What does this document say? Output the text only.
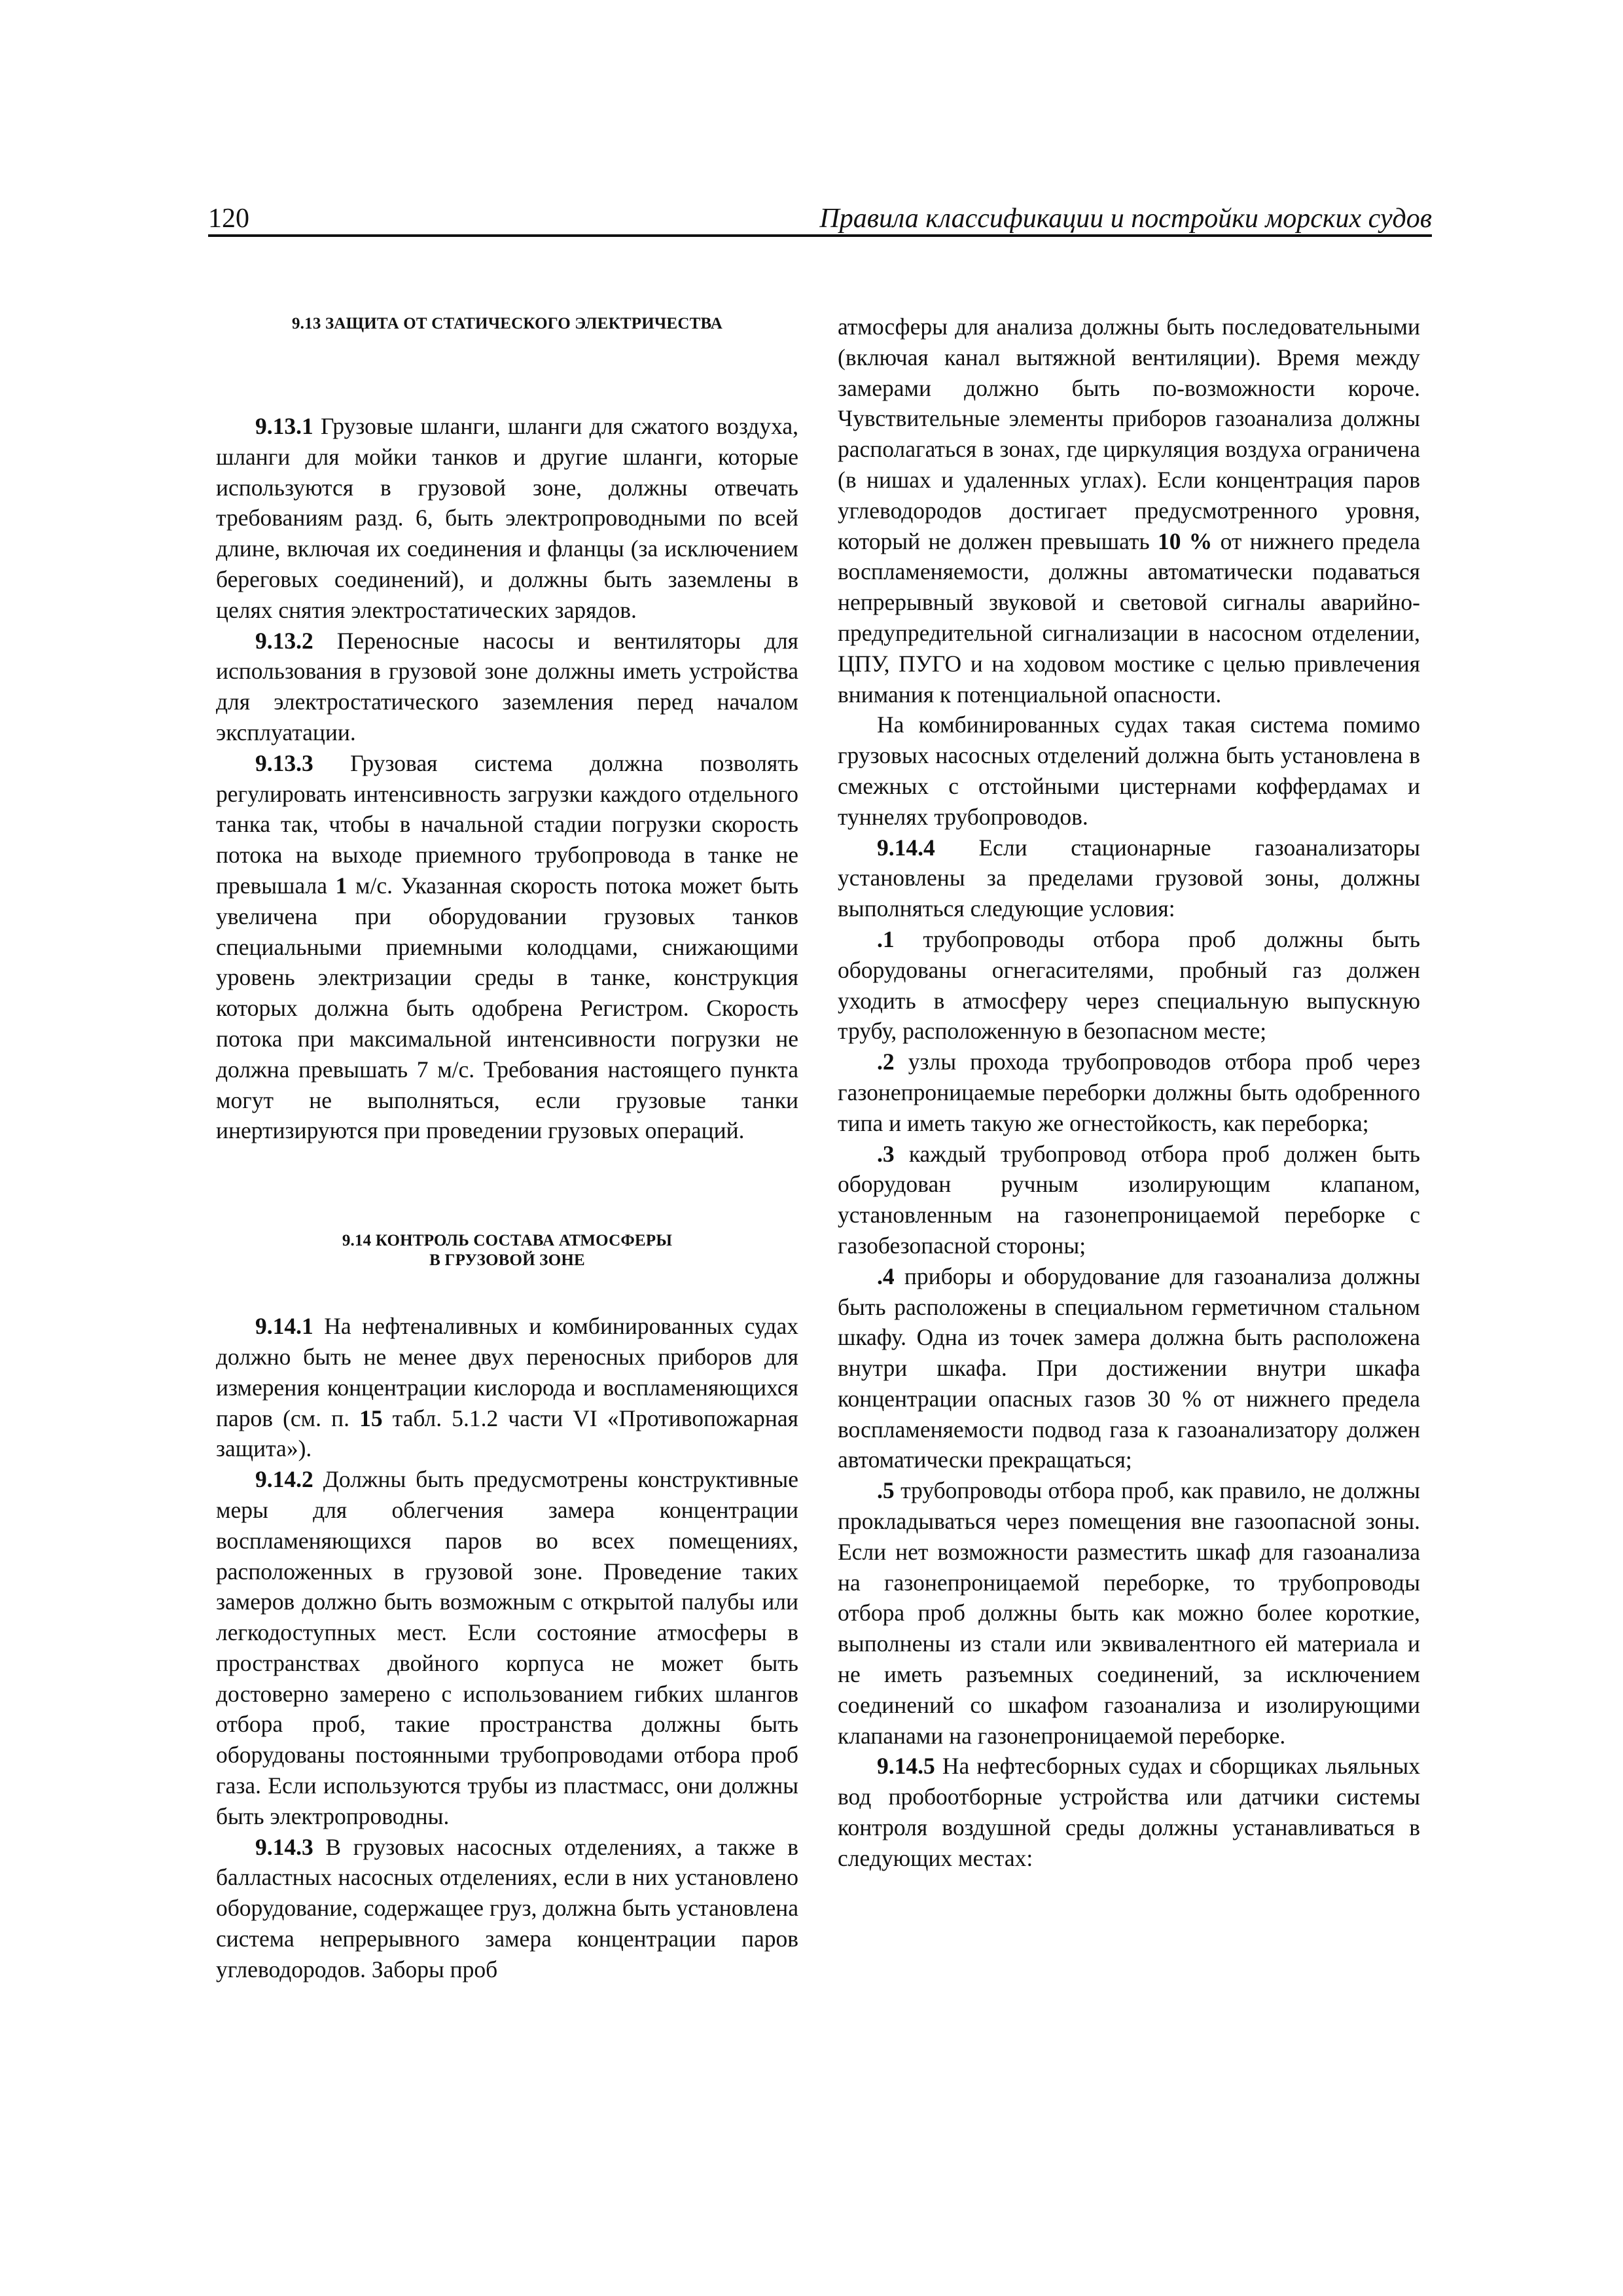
120	Правила классификации и постройки морских судов
9.13 ЗАЩИТА ОТ СТАТИЧЕСКОГО ЭЛЕКТРИЧЕСТВА

9.13.1 Грузовые шланги, шланги для сжатого воздуха, шланги для мойки танков и другие шланги, которые используются в грузовой зоне, должны отвечать требованиям разд. 6, быть электропроводными по всей длине, включая их соединения и фланцы (за исключением береговых соединений), и должны быть заземлены в целях снятия электростатических зарядов.

9.13.2 Переносные насосы и вентиляторы для использования в грузовой зоне должны иметь устройства для электростатического заземления перед началом эксплуатации.

9.13.3 Грузовая система должна позволять регулировать интенсивность загрузки каждого отдельного танка так, чтобы в начальной стадии погрузки скорость потока на выходе приемного трубопровода в танке не превышала 1 м/с. Указанная скорость потока может быть увеличена при оборудовании грузовых танков специальными приемными колодцами, снижающими уровень электризации среды в танке, конструкция которых должна быть одобрена Регистром. Скорость потока при максимальной интенсивности погрузки не должна превышать 7 м/с. Требования настоящего пункта могут не выполняться, если грузовые танки инертизируются при проведении грузовых операций.

9.14 КОНТРОЛЬ СОСТАВА АТМОСФЕРЫ
В ГРУЗОВОЙ ЗОНЕ

9.14.1 На нефтеналивных и комбинированных судах должно быть не менее двух переносных приборов для измерения концентрации кислорода и воспламеняющихся паров (см. п. 15 табл. 5.1.2 части VI «Противопожарная защита»).

9.14.2 Должны быть предусмотрены конструктивные меры для облегчения замера концентрации воспламеняющихся паров во всех помещениях, расположенных в грузовой зоне. Проведение таких замеров должно быть возможным с открытой палубы или легкодоступных мест. Если состояние атмосферы в пространствах двойного корпуса не может быть достоверно замерено с использованием гибких шлангов отбора проб, такие пространства должны быть оборудованы постоянными трубопроводами отбора проб газа. Если используются трубы из пластмасс, они должны быть электропроводны.

9.14.3 В грузовых насосных отделениях, а также в балластных насосных отделениях, если в них установлено оборудование, содержащее груз, должна быть установлена система непрерывного замера концентрации паров углеводородов. Заборы проб

атмосферы для анализа должны быть последовательными (включая канал вытяжной вентиляции). Время между замерами должно быть по-возможности короче. Чувствительные элементы приборов газоанализа должны располагаться в зонах, где циркуляция воздуха ограничена (в нишах и удаленных углах). Если концентрация паров углеводородов достигает предусмотренного уровня, который не должен превышать 10 % от нижнего предела воспламеняемости, должны автоматически подаваться непрерывный звуковой и световой сигналы аварийно-предупредительной сигнализации в насосном отделении, ЦПУ, ПУГО и на ходовом мостике с целью привлечения внимания к потенциальной опасности.

На комбинированных судах такая система помимо грузовых насосных отделений должна быть установлена в смежных с отстойными цистернами коффердамах и туннелях трубопроводов.

9.14.4 Если стационарные газоанализаторы установлены за пределами грузовой зоны, должны выполняться следующие условия:

.1 трубопроводы отбора проб должны быть оборудованы огнегасителями, пробный газ должен уходить в атмосферу через специальную выпускную трубу, расположенную в безопасном месте;

.2 узлы прохода трубопроводов отбора проб через газонепроницаемые переборки должны быть одобренного типа и иметь такую же огнестойкость, как переборка;

.3 каждый трубопровод отбора проб должен быть оборудован ручным изолирующим клапаном, установленным на газонепроницаемой переборке с газобезопасной стороны;

.4 приборы и оборудование для газоанализа должны быть расположены в специальном герметичном стальном шкафу. Одна из точек замера должна быть расположена внутри шкафа. При достижении внутри шкафа концентрации опасных газов 30 % от нижнего предела воспламеняемости подвод газа к газоанализатору должен автоматически прекращаться;

.5 трубопроводы отбора проб, как правило, не должны прокладываться через помещения вне газоопасной зоны. Если нет возможности разместить шкаф для газоанализа на газонепроницаемой переборке, то трубопроводы отбора проб должны быть как можно более короткие, выполнены из стали или эквивалентного ей материала и не иметь разъемных соединений, за исключением соединений со шкафом газоанализа и изолирующими клапанами на газонепроницаемой переборке.

9.14.5 На нефтесборных судах и сборщиках льяльных вод пробоотборные устройства или датчики системы контроля воздушной среды должны устанавливаться в следующих местах:
